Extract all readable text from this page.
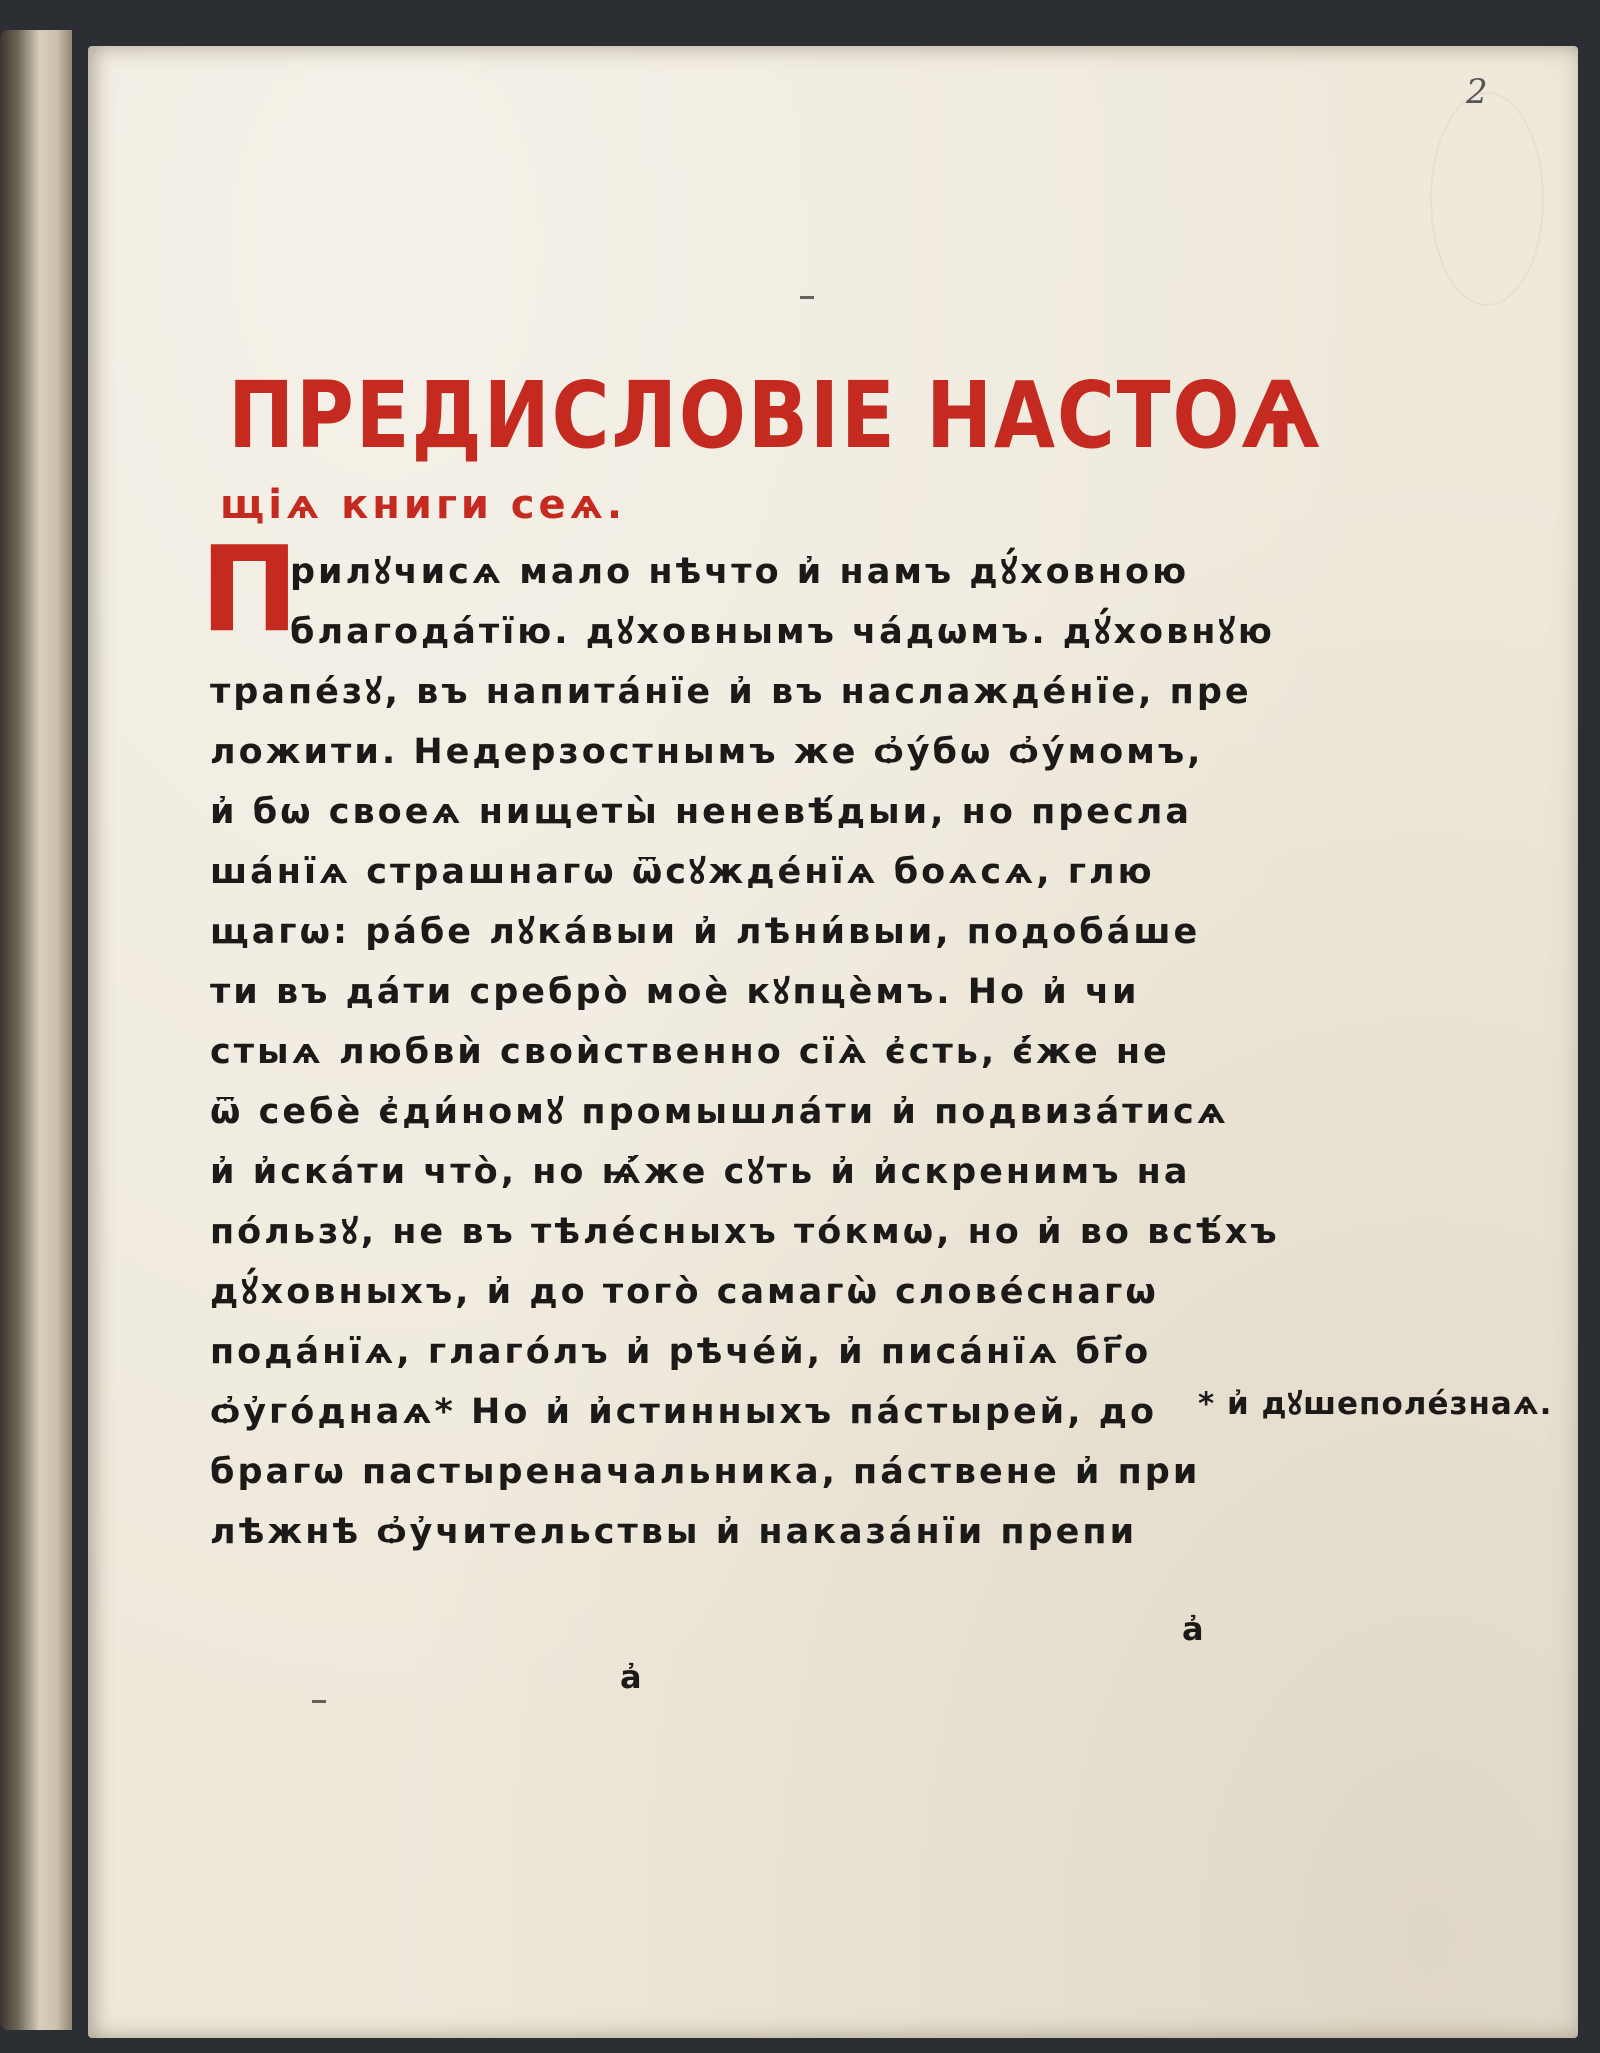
2
ПРЕДИСЛОВІЕ НАСТОѦ
щіѧ книги сеѧ.
П
рилꙋчисѧ мало нѣчто и҆ намъ дꙋ́ховною
благода́тїю. дꙋховнымъ ча́дѡмъ. дꙋ́ховнꙋю
трапе́зꙋ, въ напита́нїе и҆ въ наслажде́нїе, пре
ложити. Недерзостнымъ же ѻ҆у́бѡ ѻ҆у́момъ,
и҆ бѡ своеѧ нищеты̀ неневѣ́дыи, но пресла
ша́нїѧ страшнагѡ ѿсꙋжде́нїѧ боѧсѧ, глю
щагѡ: ра́бе лꙋка́выи и҆ лѣни́выи, подоба́ше
ти въ да́ти сребро̀ моѐ кꙋпцѐмъ. Но и҆ чи
стыѧ любвѝ своѝственно сїѧ̀ є҆сть, є҆́же не
ѿ себѐ є҆ди́номꙋ промышла́ти и҆ подвиза́тисѧ
и҆ и҆ска́ти что̀, но ѩ҆́же сꙋть и҆ и҆скренимъ на
по́льзꙋ, не въ тѣле́сныхъ то́кмѡ, но и҆ во всѣ́хъ
дꙋ́ховныхъ, и҆ до того̀ самагѡ̀ слове́снагѡ
пода́нїѧ, глаго́лъ и҆ рѣче́й, и҆ писа́нїѧ бг҃о
ѻ҆у҆го́днаѧ* Но и҆ и҆стинныхъ па́стырей, до
брагѡ пастыреначальника, па́ствене и҆ при
лѣжнѣ ѻ҆у҆чительствы и҆ наказа́нїи препи
* и҆ дꙋшеполе́знаѧ.
а҆
а҆
